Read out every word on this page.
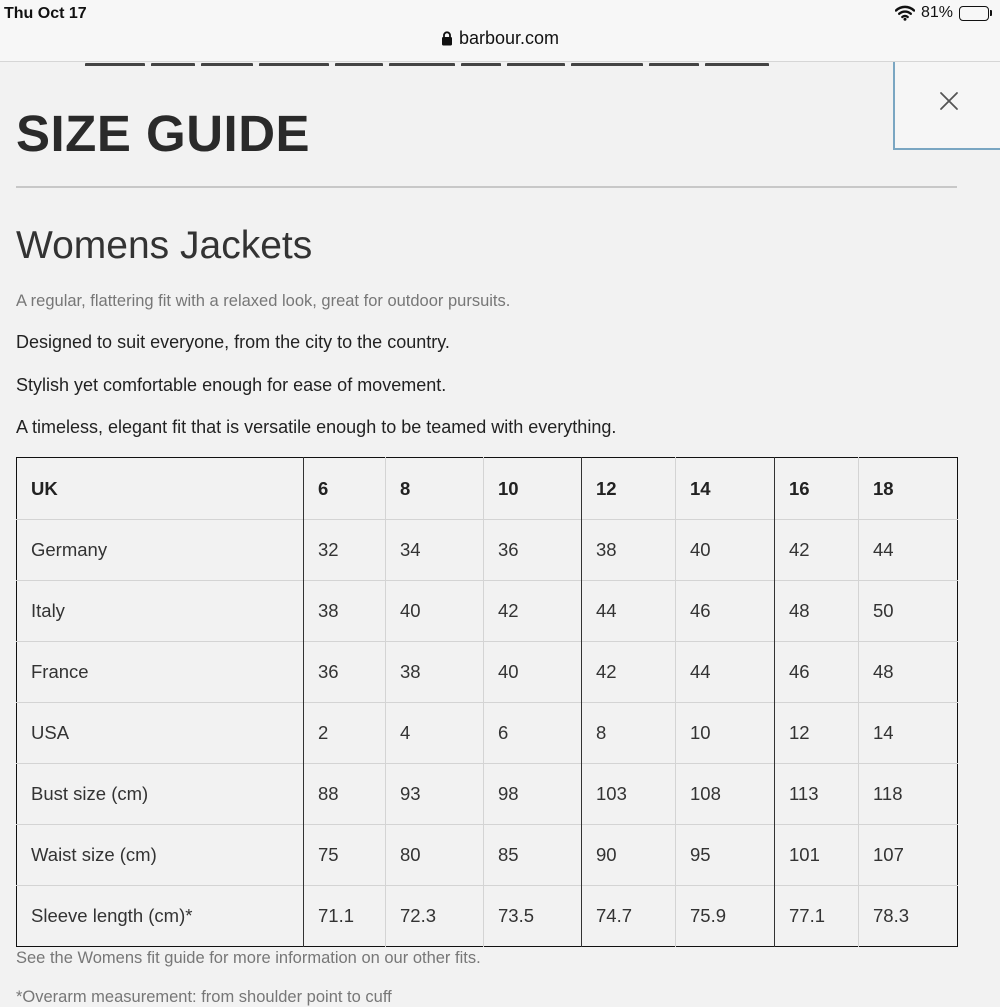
Thu Oct 17	81%
barbour.com
SIZE GUIDE
Womens Jackets
A regular, flattering fit with a relaxed look, great for outdoor pursuits.
Designed to suit everyone, from the city to the country.
Stylish yet comfortable enough for ease of movement.
A timeless, elegant fit that is versatile enough to be teamed with everything.
UK	6	8	10	12	14	16	18
Germany	32	34	36	38	40	42	44
Italy	38	40	42	44	46	48	50
France	36	38	40	42	44	46	48
USA	2	4	6	8	10	12	14
Bust size (cm)	88	93	98	103	108	113	118
Waist size (cm)	75	80	85	90	95	101	107
Sleeve length (cm)*	71.1	72.3	73.5	74.7	75.9	77.1	78.3
See the Womens fit guide for more information on our other fits.
*Overarm measurement: from shoulder point to cuff
